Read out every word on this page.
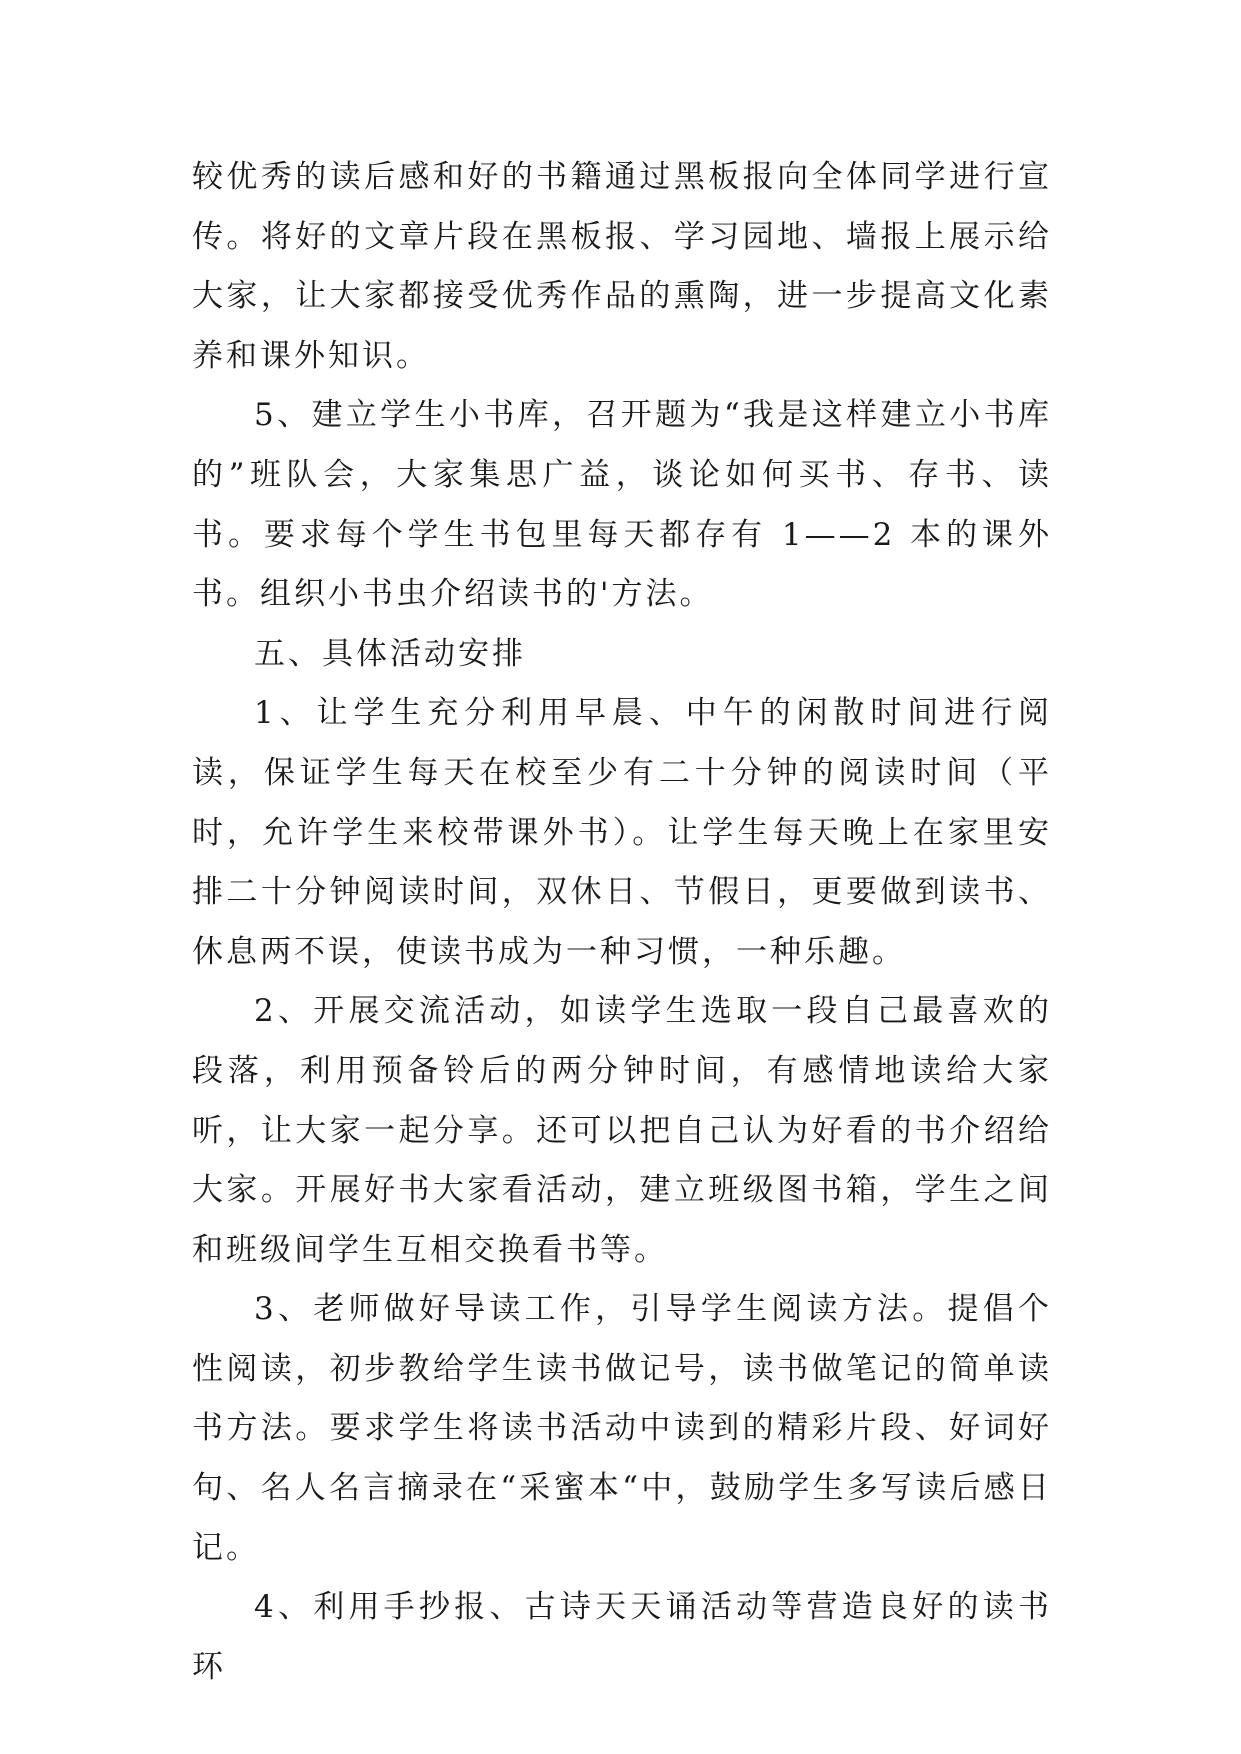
较优秀的读后感和好的书籍通过黑板报向全体同学进行宣传。将好的文章片段在黑板报、学习园地、墙报上展示给大家，让大家都接受优秀作品的熏陶，进一步提高文化素养和课外知识。

5、建立学生小书库，召开题为“我是这样建立小书库的”班队会，大家集思广益，谈论如何买书、存书、读书。要求每个学生书包里每天都存有 1——2 本的课外书。组织小书虫介绍读书的'方法。

五、具体活动安排

1、让学生充分利用早晨、中午的闲散时间进行阅读，保证学生每天在校至少有二十分钟的阅读时间（平时，允许学生来校带课外书）。让学生每天晚上在家里安排二十分钟阅读时间，双休日、节假日，更要做到读书、休息两不误，使读书成为一种习惯，一种乐趣。

2、开展交流活动，如读学生选取一段自己最喜欢的段落，利用预备铃后的两分钟时间，有感情地读给大家听，让大家一起分享。还可以把自己认为好看的书介绍给大家。开展好书大家看活动，建立班级图书箱，学生之间和班级间学生互相交换看书等。

3、老师做好导读工作，引导学生阅读方法。提倡个性阅读，初步教给学生读书做记号，读书做笔记的简单读书方法。要求学生将读书活动中读到的精彩片段、好词好句、名人名言摘录在“采蜜本“中，鼓励学生多写读后感日记。

4、利用手抄报、古诗天天诵活动等营造良好的读书环
